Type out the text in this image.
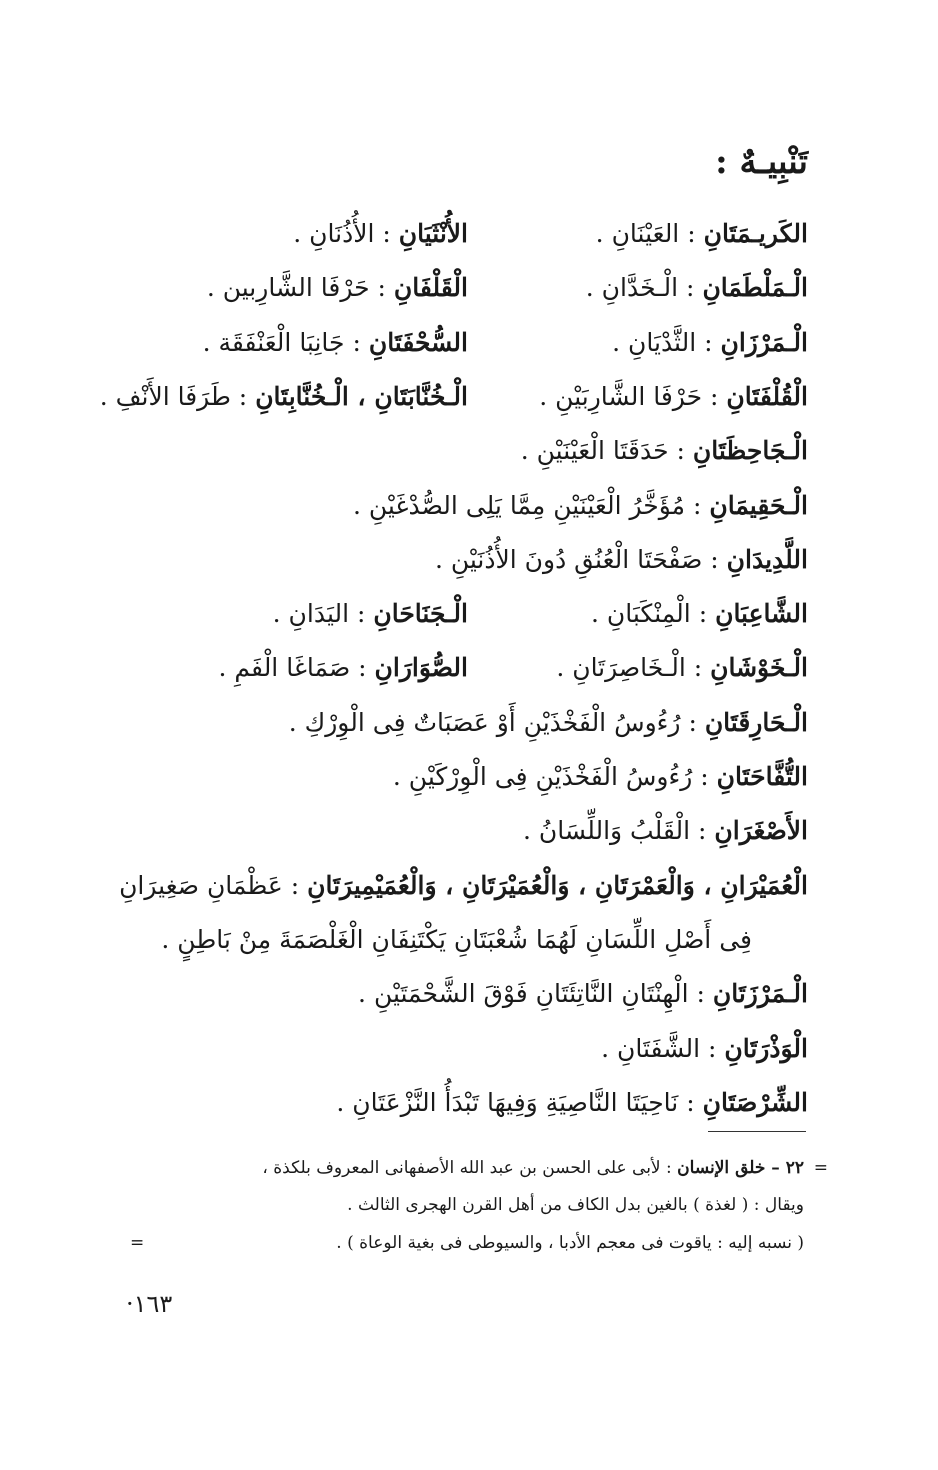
تَنْبِيـهٌ :
الكَريـمَتَانِ : العَيْنَانِ .
الأُنْثَيَانِ : الأُذُنَانِ .
الْـمَلْطَمَانِ : الْـخَدَّانِ .
الْقَلْفَانِ : حَرْفَا الشَّارِبين .
الْـمَرْزَانِ : الثَّدْيَانِ .
السُّحْفَتَانِ : جَانِبَا الْعَنْفَقَة .
الْقُلْفَتَانِ : حَرْفَا الشَّارِبَيْنِ .
الْـخُنَّابَتَانِ ، الْـخُنَّابِتَانِ : طَرَفَا الأَنْفِ .
الْـجَاحِظَتَانِ : حَدَقَتَا الْعَيْنَيْنِ .
الْـحَقِيمَانِ : مُؤَخَّرُ الْعَيْنَيْنِ مِمَّا يَلِى الصُّدْغَيْنِ .
اللَّدِيدَانِ : صَفْحَتَا الْعُنُقِ دُونَ الأُذُنَيْنِ .
الشَّاعِبَانِ : الْمِنْكَبَانِ .
الْـجَنَاحَانِ : اليَدَانِ .
الْـخَوْشَانِ : الْـخَاصِرَتَانِ .
الصُّوَارَانِ : صَمَاغَا الْفَمِ .
الْـحَارِقَتَانِ : رُءُوسُ الْفَخْذَيْنِ أَوْ عَصَبَاتٌ فِى الْوِرْكِ .
التُّفَّاحَتَانِ : رُءُوسُ الْفَخْذَيْنِ فِى الْوِرْكَيْنِ .
الأَصْغَرَانِ : الْقَلْبُ وَاللِّسَانُ .
الْعُمَيْرَانِ ، وَالْعَمْرَتَانِ ، وَالْعُمَيْرَتَانِ ، وَالْعُمَيْمِيرَتَانِ : عَظْمَانِ صَغِيرَانِ
فِى أَصْلِ اللِّسَانِ لَهُمَا شُعْبَتَانِ يَكْتَنِفَانِ الْغَلْصَمَةَ مِنْ بَاطِنٍ .
الْـمَرْزَتَانِ : الْهِنْتَانِ النَّاتِئَتَانِ فَوْقَ الشَّحْمَتَيْنِ .
الْوَذْرَتَانِ : الشَّفَتَانِ .
الشِّرْصَتَانِ : نَاحِيَتَا النَّاصِيَةِ وَفِيهَا تَبْدَأُ النَّزْعَتَانِ .
=
٢٢ – خلق الإنسان : لأبى على الحسن بن عبد الله الأصفهانى المعروف بلكذة ،
ويقال : ( لغذة ) بالغين بدل الكاف من أهل القرن الهجرى الثالث .
( نسبه إليه : ياقوت فى معجم الأدبا ، والسيوطى فى بغية الوعاة ) .
=
١٦٣·
